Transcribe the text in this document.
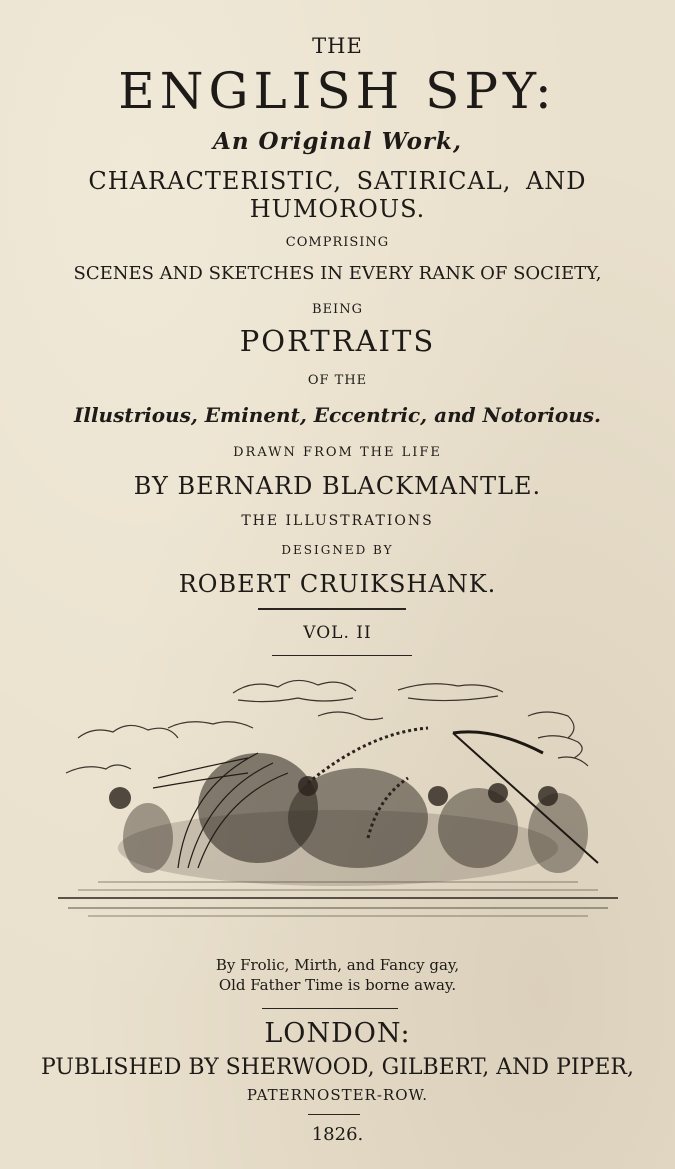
THE
ENGLISH SPY:
An Original Work,
CHARACTERISTIC, SATIRICAL, AND
HUMOROUS.
COMPRISING
SCENES AND SKETCHES IN EVERY RANK OF SOCIETY,
BEING
PORTRAITS
OF THE
Illustrious, Eminent, Eccentric, and Notorious.
DRAWN FROM THE LIFE
BY BERNARD BLACKMANTLE.
THE ILLUSTRATIONS
DESIGNED BY
ROBERT CRUIKSHANK.
VOL. II
By Frolic, Mirth, and Fancy gay,
Old Father Time is borne away.
LONDON:
PUBLISHED BY SHERWOOD, GILBERT, AND PIPER,
PATERNOSTER-ROW.
1826.
